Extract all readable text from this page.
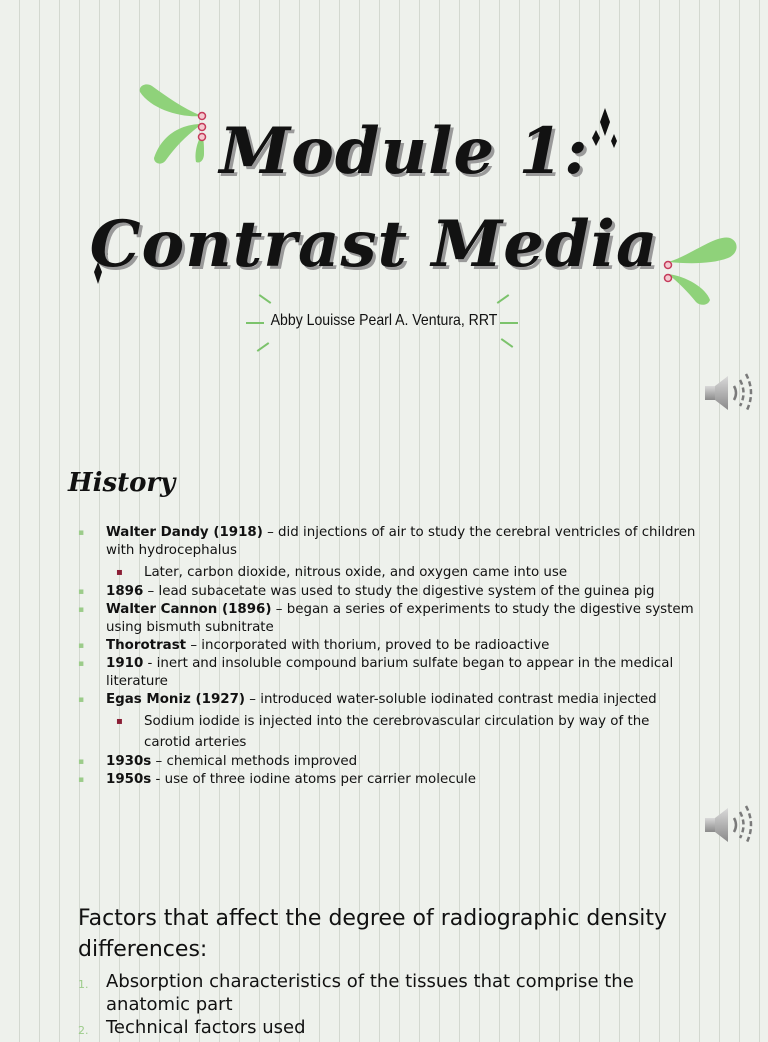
Module 1:
Contrast Media
Abby Louisse Pearl A. Ventura, RRT
History
▪ Walter Dandy (1918) – did injections of air to study the cerebral ventricles of children with hydrocephalus
▪ Later, carbon dioxide, nitrous oxide, and oxygen came into use
▪ 1896 – lead subacetate was used to study the digestive system of the guinea pig
▪ Walter Cannon (1896) – began a series of experiments to study the digestive system using bismuth subnitrate
▪ Thorotrast – incorporated with thorium, proved to be radioactive
▪ 1910 - inert and insoluble compound barium sulfate began to appear in the medical literature
▪ Egas Moniz (1927) – introduced water-soluble iodinated contrast media injected
▪ Sodium iodide is injected into the cerebrovascular circulation by way of the carotid arteries
▪ 1930s – chemical methods improved
▪ 1950s - use of three iodine atoms per carrier molecule
Factors that affect the degree of radiographic density differences:
1. Absorption characteristics of the tissues that comprise the anatomic part
2. Technical factors used
